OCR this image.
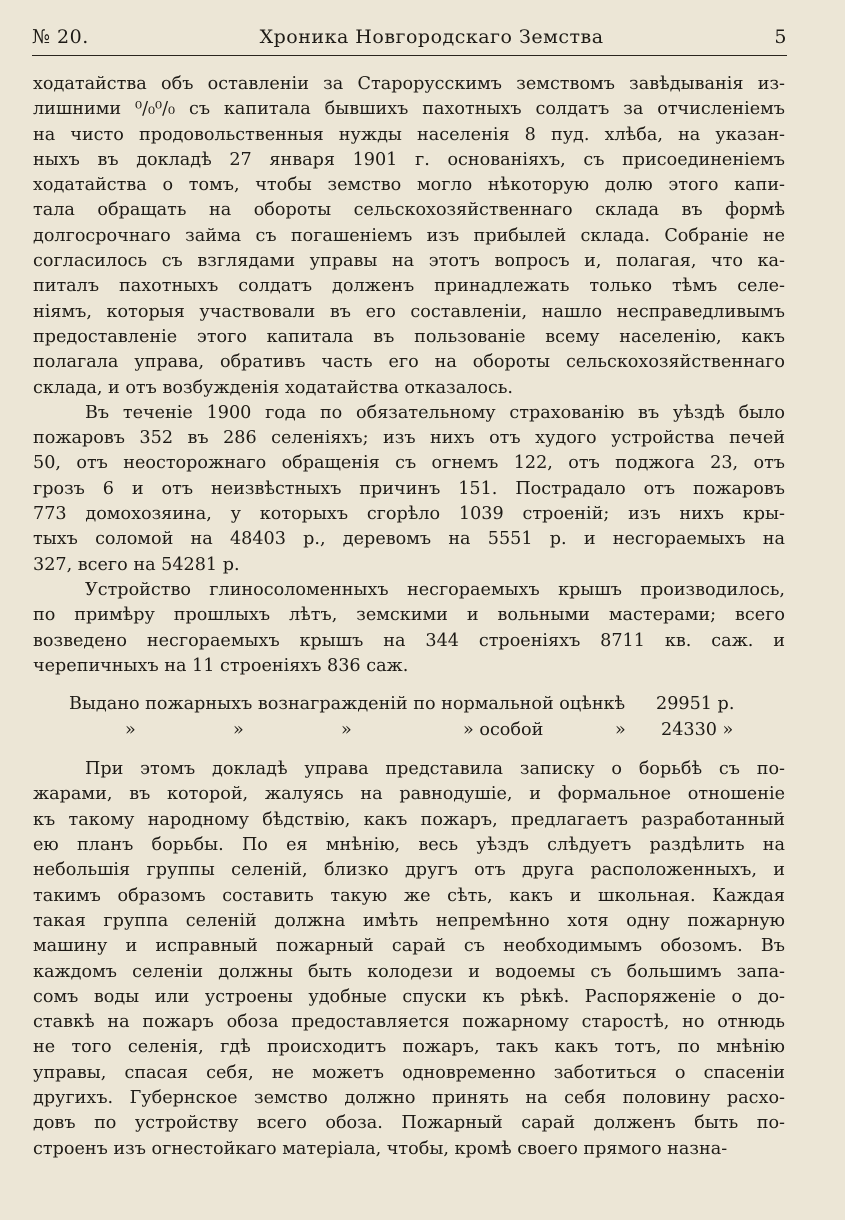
№ 20.	Хроника Новгородскаго Земства	5
ходатайства объ оставленіи за Старорусскимъ земствомъ завѣдыванія из-
лишними ⁰/₀⁰/₀ съ капитала бывшихъ пахотныхъ солдатъ за отчисленіемъ
на чисто продовольственныя нужды населенія 8 пуд. хлѣба, на указан-
ныхъ въ докладѣ 27 января 1901 г. основаніяхъ, съ присоединеніемъ
ходатайства о томъ, чтобы земство могло нѣкоторую долю этого капи-
тала обращать на обороты сельскохозяйственнаго склада въ формѣ
долгосрочнаго займа съ погашеніемъ изъ прибылей склада. Собраніе не
согласилось съ взглядами управы на этотъ вопросъ и, полагая, что ка-
питалъ пахотныхъ солдатъ долженъ принадлежать только тѣмъ селе-
ніямъ, которыя участвовали въ его составленіи, нашло несправедливымъ
предоставленіе этого капитала въ пользованіе всему населенію, какъ
полагала управа, обративъ часть его на обороты сельскохозяйственнаго
склада, и отъ возбужденія ходатайства отказалось.
Въ теченіе 1900 года по обязательному страхованію въ уѣздѣ было
пожаровъ 352 въ 286 селеніяхъ; изъ нихъ отъ худого устройства печей
50, отъ неосторожнаго обращенія съ огнемъ 122, отъ поджога 23, отъ
грозъ 6 и отъ неизвѣстныхъ причинъ 151. Пострадало отъ пожаровъ
773 домохозяина, у которыхъ сгорѣло 1039 строеній; изъ нихъ кры-
тыхъ соломой на 48403 р., деревомъ на 5551 р. и несгораемыхъ на
327, всего на 54281 р.
Устройство глиносоломенныхъ несгораемыхъ крышъ производилось,
по примѣру прошлыхъ лѣтъ, земскими и вольными мастерами; всего
возведено несгораемыхъ крышъ на 344 строеніяхъ 8711 кв. саж. и
черепичныхъ на 11 строеніяхъ 836 саж.
Выдано пожарныхъ вознагражденій по нормальной оцѣнкѣ	29951 р.
»	»	»	» особой	» 24330 »
При этомъ докладѣ управа представила записку о борьбѣ съ по-
жарами, въ которой, жалуясь на равнодушіе, и формальное отношеніе
къ такому народному бѣдствію, какъ пожаръ, предлагаетъ разработанный
ею планъ борьбы. По ея мнѣнію, весь уѣздъ слѣдуетъ раздѣлить на
небольшія группы селеній, близко другъ отъ друга расположенныхъ, и
такимъ образомъ составить такую же сѣть, какъ и школьная. Каждая
такая группа селеній должна имѣть непремѣнно хотя одну пожарную
машину и исправный пожарный сарай съ необходимымъ обозомъ. Въ
каждомъ селеніи должны быть колодези и водоемы съ большимъ запа-
сомъ воды или устроены удобные спуски къ рѣкѣ. Распоряженіе о до-
ставкѣ на пожаръ обоза предоставляется пожарному старостѣ, но отнюдь
не того селенія, гдѣ происходитъ пожаръ, такъ какъ тотъ, по мнѣнію
управы, спасая себя, не можетъ одновременно заботиться о спасеніи
другихъ. Губернское земство должно принять на себя половину расхо-
довъ по устройству всего обоза. Пожарный сарай долженъ быть по-
строенъ изъ огнестойкаго матеріала, чтобы, кромѣ своего прямого назна-
